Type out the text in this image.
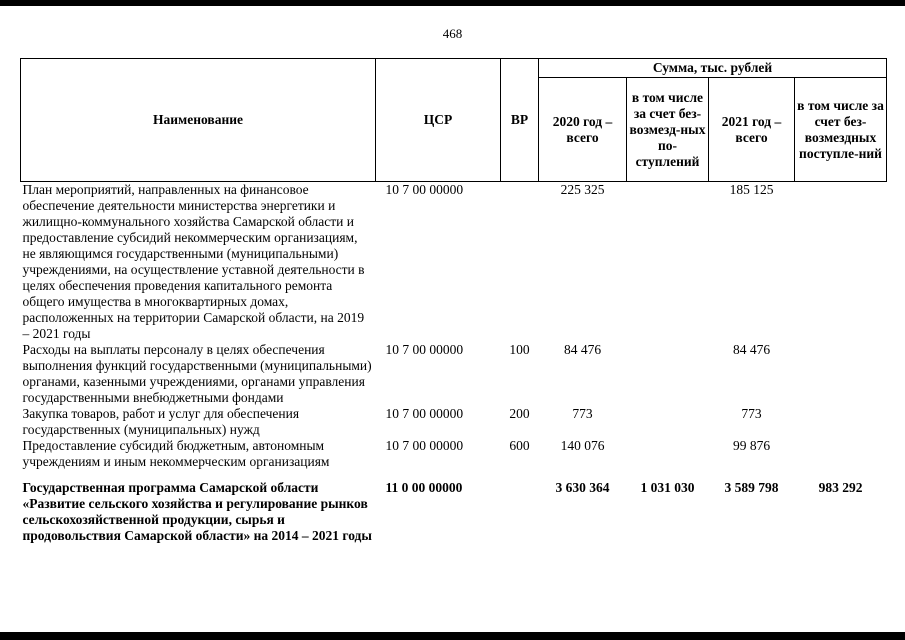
468
Наименование	ЦСР	ВР	Сумма, тыс. рублей			
			2020 год – всего	в том числе за счет без-возмезд-ных по-ступлений	2021 год – всего	в том числе за счет без-возмездных поступле-ний
План мероприятий, направленных на финансовое обеспечение деятельности министерства энергетики и жилищно-коммунального хозяйства Самарской области и предоставление субсидий некоммерческим организациям, не являющимся государственными (муниципальными) учреждениями, на осуществление уставной деятельности в целях обеспечения проведения капитального ремонта общего имущества в многоквартирных домах, расположенных на территории Самарской области, на 2019 – 2021 годы	10 7 00 00000		225 325		185 125	
Расходы на выплаты персоналу в целях обеспечения выполнения функций государственными (муниципальными) органами, казенными учреждениями, органами управления государственными внебюджетными фондами	10 7 00 00000	100	84 476		84 476	
Закупка товаров, работ и услуг для обеспечения государственных (муниципальных) нужд	10 7 00 00000	200	773		773	
Предоставление субсидий бюджетным, автономным учреждениям и иным некоммерческим организациям	10 7 00 00000	600	140 076		99 876	
Государственная программа Самарской области «Развитие сельского хозяйства и регулирование рынков сельскохозяйственной продукции, сырья и продовольствия Самарской области» на 2014 – 2021 годы	11 0 00 00000		3 630 364	1 031 030	3 589 798	983 292
